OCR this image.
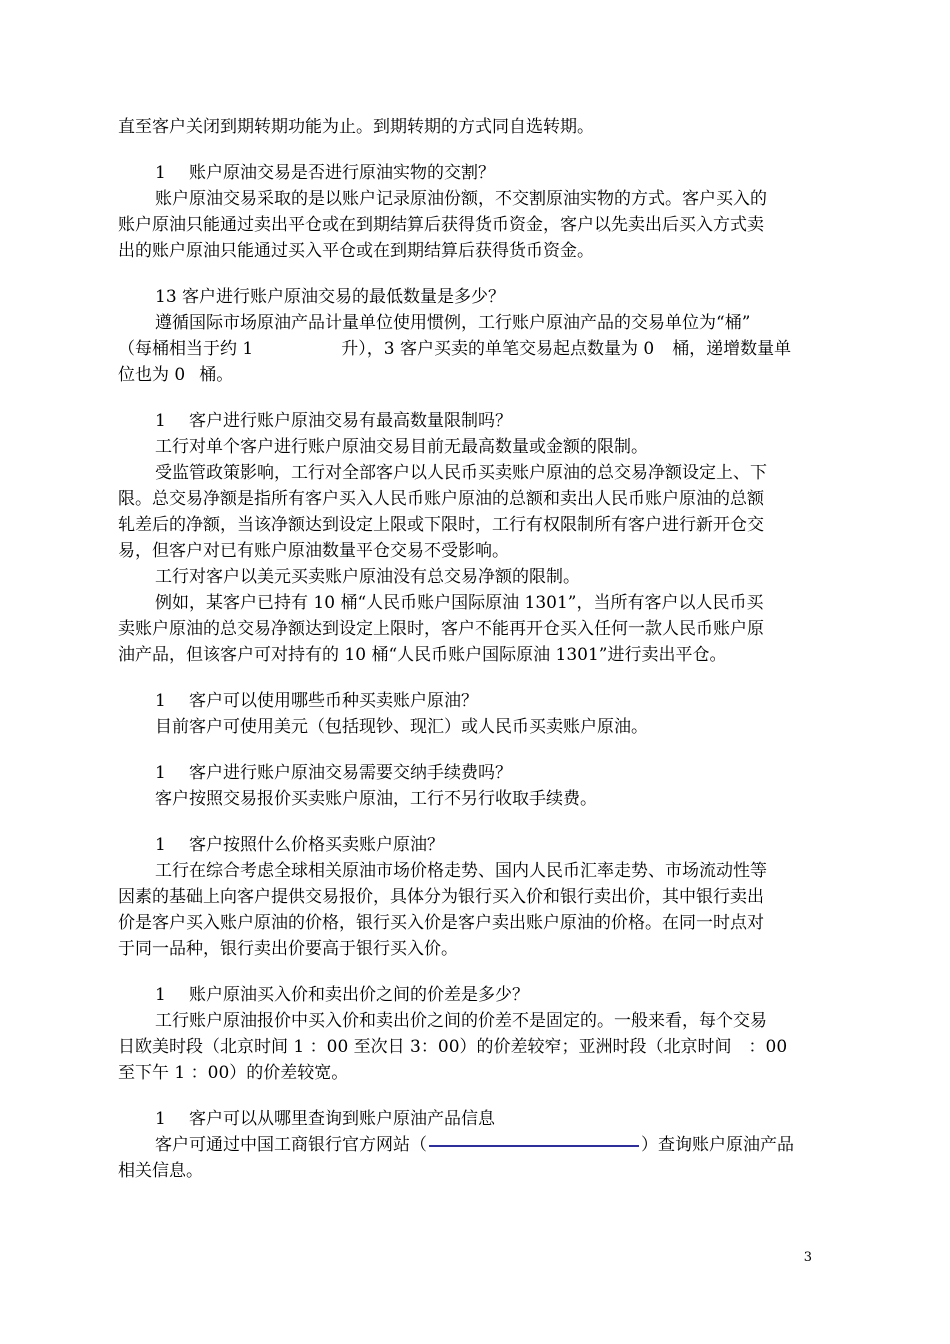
直至客户关闭到期转期功能为止。到期转期的方式同自选转期。
1 账户原油交易是否进行原油实物的交割？
账户原油交易采取的是以账户记录原油份额，不交割原油实物的方式。客户买入的
账户原油只能通过卖出平仓或在到期结算后获得货币资金，客户以先卖出后买入方式卖
出的账户原油只能通过买入平仓或在到期结算后获得货币资金。
13 客户进行账户原油交易的最低数量是多少？
遵循国际市场原油产品计量单位使用惯例，工行账户原油产品的交易单位为“桶”
（每桶相当于约 1	升），3 客户买卖的单笔交易起点数量为 0 桶，递增数量单
位也为 0 桶。
1 客户进行账户原油交易有最高数量限制吗？
工行对单个客户进行账户原油交易目前无最高数量或金额的限制。
受监管政策影响，工行对全部客户以人民币买卖账户原油的总交易净额设定上、下
限。总交易净额是指所有客户买入人民币账户原油的总额和卖出人民币账户原油的总额
轧差后的净额，当该净额达到设定上限或下限时，工行有权限制所有客户进行新开仓交
易，但客户对已有账户原油数量平仓交易不受影响。
工行对客户以美元买卖账户原油没有总交易净额的限制。
例如，某客户已持有 10 桶“人民币账户国际原油 1301”，当所有客户以人民币买
卖账户原油的总交易净额达到设定上限时，客户不能再开仓买入任何一款人民币账户原
油产品，但该客户可对持有的 10 桶“人民币账户国际原油 1301”进行卖出平仓。
1 客户可以使用哪些币种买卖账户原油？
目前客户可使用美元（包括现钞、现汇）或人民币买卖账户原油。
1 客户进行账户原油交易需要交纳手续费吗？
客户按照交易报价买卖账户原油，工行不另行收取手续费。
1 客户按照什么价格买卖账户原油？
工行在综合考虑全球相关原油市场价格走势、国内人民币汇率走势、市场流动性等
因素的基础上向客户提供交易报价，具体分为银行买入价和银行卖出价，其中银行卖出
价是客户买入账户原油的价格，银行买入价是客户卖出账户原油的价格。在同一时点对
于同一品种，银行卖出价要高于银行买入价。
1 账户原油买入价和卖出价之间的价差是多少？
工行账户原油报价中买入价和卖出价之间的价差不是固定的。一般来看，每个交易
日欧美时段（北京时间 1 ：00 至次日 3：00）的价差较窄；亚洲时段（北京时间　：00
至下午 1 ：00）的价差较宽。
1 客户可以从哪里查询到账户原油产品信息
客户可通过中国工商银行官方网站（	）查询账户原油产品
相关信息。
3
